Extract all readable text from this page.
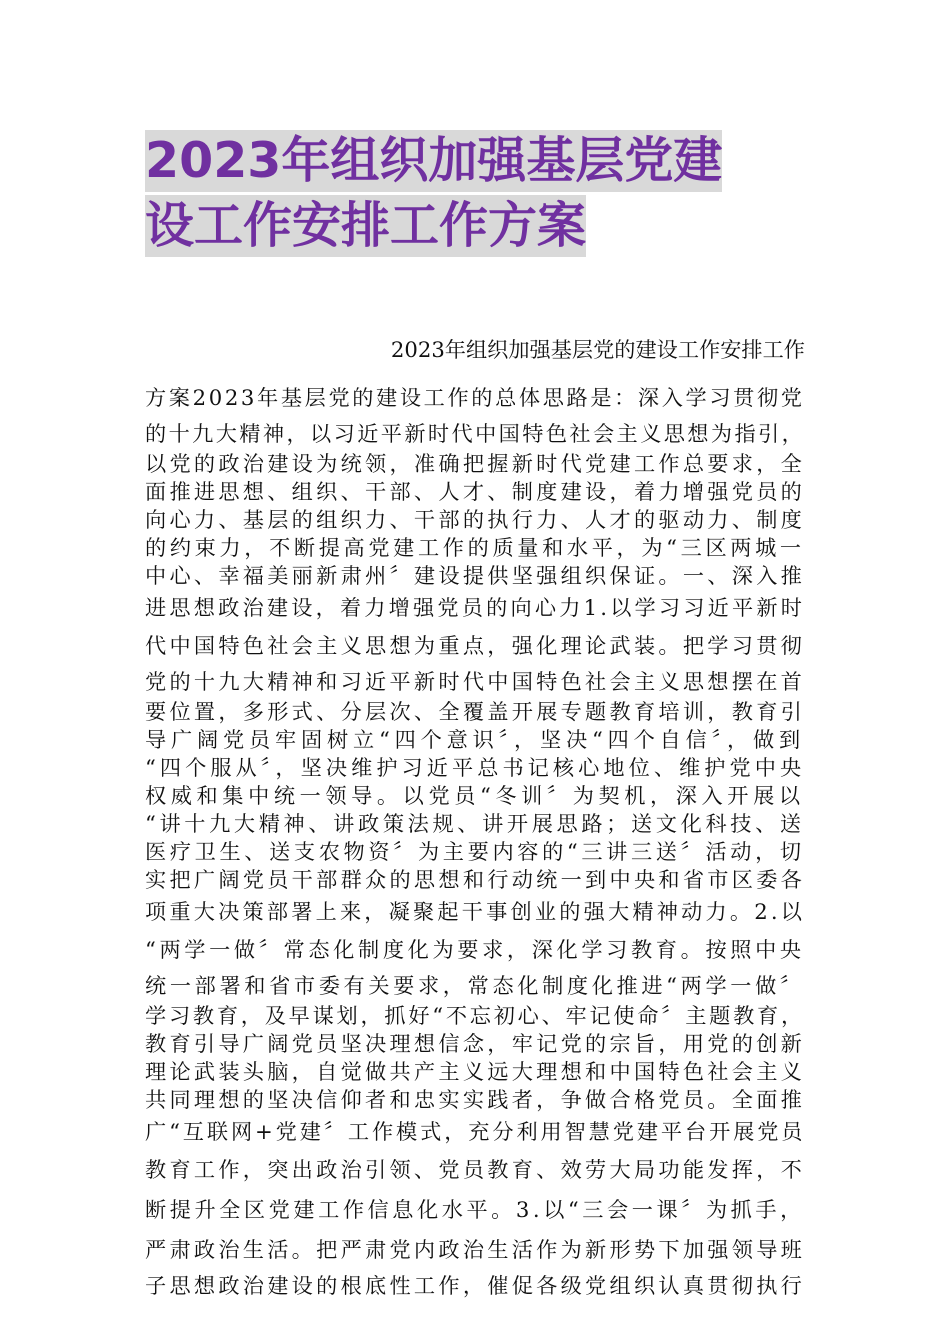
2023年组织加强基层党建
设工作安排工作方案
2023年组织加强基层党的建设工作安排工作
方案2023年基层党的建设工作的总体思路是：深入学习贯彻党
的十九大精神，以习近平新时代中国特色社会主义思想为指引，
以党的政治建设为统领，准确把握新时代党建工作总要求，全
面推进思想、组织、干部、人才、制度建设，着力增强党员的
向心力、基层的组织力、干部的执行力、人才的驱动力、制度
的约束力，不断提高党建工作的质量和水平，为“三区两城一
中心、幸福美丽新肃州〞建设提供坚强组织保证。一、深入推
进思想政治建设，着力增强党员的向心力1.以学习习近平新时
代中国特色社会主义思想为重点，强化理论武装。把学习贯彻
党的十九大精神和习近平新时代中国特色社会主义思想摆在首
要位置，多形式、分层次、全覆盖开展专题教育培训，教育引
导广阔党员牢固树立“四个意识〞，坚决“四个自信〞，做到
“四个服从〞，坚决维护习近平总书记核心地位、维护党中央
权威和集中统一领导。以党员“冬训〞为契机，深入开展以
“讲十九大精神、讲政策法规、讲开展思路；送文化科技、送
医疗卫生、送支农物资〞为主要内容的“三讲三送〞活动，切
实把广阔党员干部群众的思想和行动统一到中央和省市区委各
项重大决策部署上来，凝聚起干事创业的强大精神动力。2.以
“两学一做〞常态化制度化为要求，深化学习教育。按照中央
统一部署和省市委有关要求，常态化制度化推进“两学一做〞
学习教育，及早谋划，抓好“不忘初心、牢记使命〞主题教育，
教育引导广阔党员坚决理想信念，牢记党的宗旨，用党的创新
理论武装头脑，自觉做共产主义远大理想和中国特色社会主义
共同理想的坚决信仰者和忠实实践者，争做合格党员。全面推
广“互联网+党建〞工作模式，充分利用智慧党建平台开展党员
教育工作，突出政治引领、党员教育、效劳大局功能发挥，不
断提升全区党建工作信息化水平。3.以“三会一课〞为抓手，
严肃政治生活。把严肃党内政治生活作为新形势下加强领导班
子思想政治建设的根底性工作，催促各级党组织认真贯彻执行
